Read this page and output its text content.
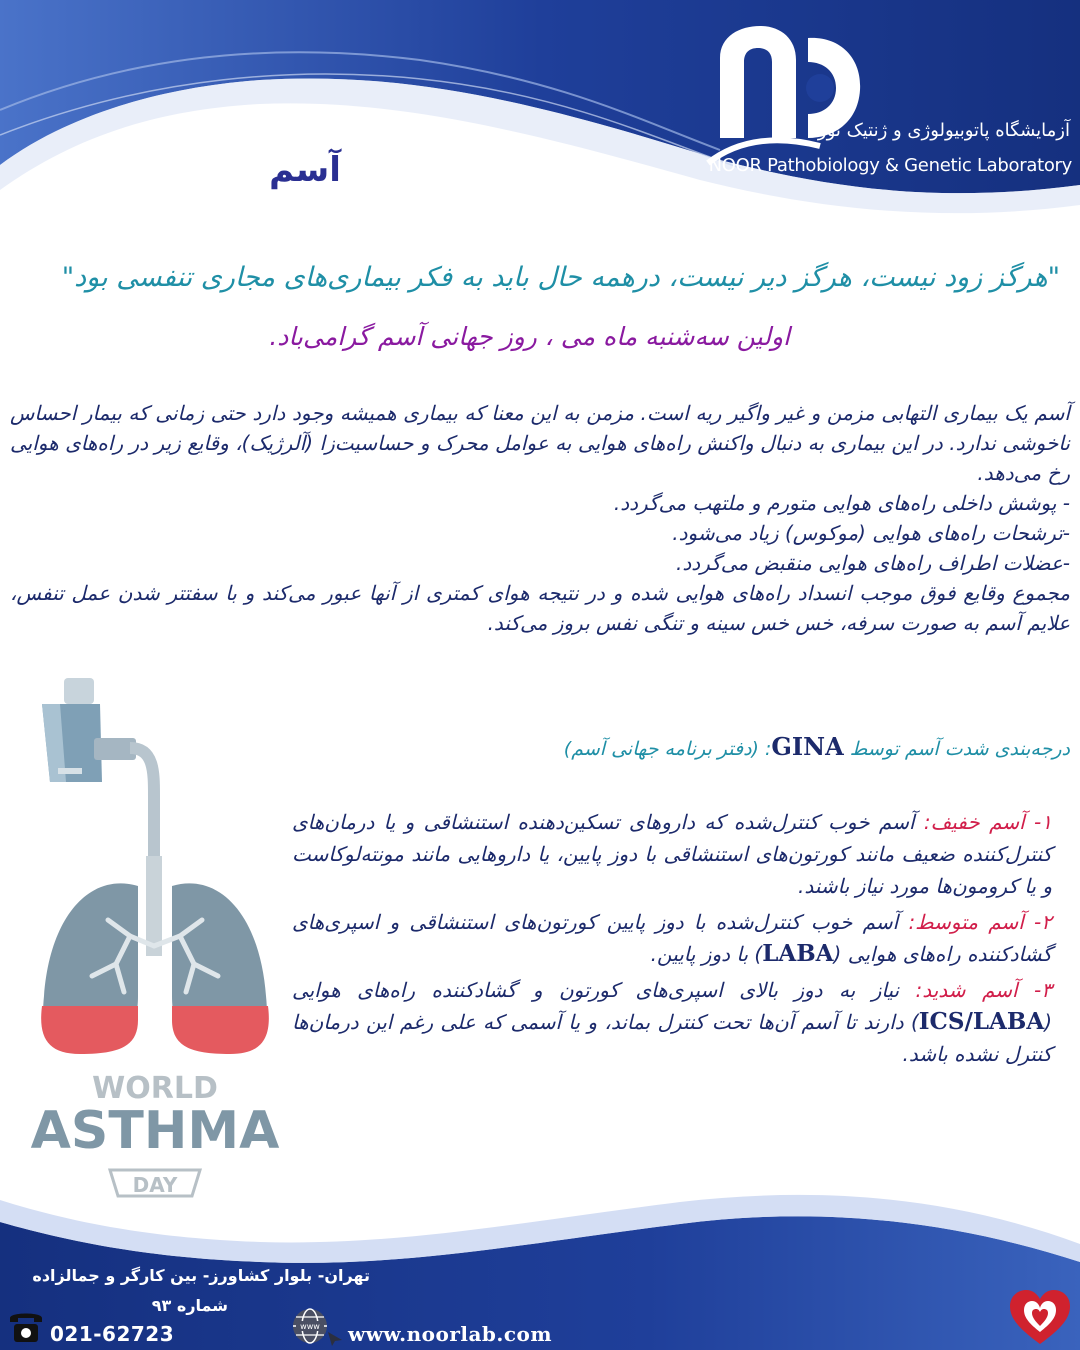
آزمایشگاه پاتوبیولوژی و ژنتیک نور
NOOR Pathobiology & Genetic Laboratory
آسم
"هرگز زود نیست، هرگز دیر نیست، درهمه حال باید به فکر بیماری‌های مجاری تنفسی بود"
اولین سه‌شنبه ماه می ، روز جهانی آسم گرامی‌باد.

آسم یک بیماری التهابی مزمن و غیر واگیر ریه است. مزمن به این معنا که بیماری همیشه وجود دارد حتی زمانی که بیمار احساس ناخوشی ندارد. در این بیماری به دنبال واکنش راه‌های هوایی به عوامل محرک و حساسیت‌زا (آلرژیک)، وقایع زیر در راه‌های هوایی رخ می‌دهد.

- پوشش داخلی راه‌های هوایی متورم و ملتهب می‌گردد.

-ترشحات راه‌های هوایی (موکوس) زیاد می‌شود.

-عضلات اطراف راه‌های هوایی منقبض می‌گردد.

مجموع وقایع فوق موجب انسداد راه‌های هوایی شده و در نتیجه هوای کمتری از آنها عبور می‌کند و با سفتتر شدن عمل تنفس، علایم آسم به صورت سرفه، خس خس سینه و تنگی نفس بروز می‌کند.

درجه‌بندی شدت آسم توسط GINA: (دفتر برنامه جهانی آسم)

۱- آسم خفیف: آسم خوب کنترل‌شده که داروهای تسکین‌دهنده استنشاقی و یا درمان‌های کنترل‌کننده ضعیف مانند کورتون‌های استنشاقی با دوز پایین، یا داروهایی مانند مونته‌لوکاست و یا کرومون‌ها مورد نیاز باشند.

۲- آسم متوسط: آسم خوب کنترل‌شده با دوز پایین کورتون‌های استنشاقی و اسپری‌های گشادکننده راه‌های هوایی (LABA) با دوز پایین.

۳- آسم شدید: نیاز به دوز بالای اسپری‌های کورتون و گشادکننده راه‌های هوایی (ICS/LABA) دارند تا آسم آن‌ها تحت کنترل بماند، و یا آسمی که علی رغم این درمان‌ها کنترل نشده باشد.

WORLD
ASTHMA
DAY
تهران- بلوار کشاورز- بین کارگر و جمالزاده
شماره ۹۳
021-62723	www www.noorlab.com
